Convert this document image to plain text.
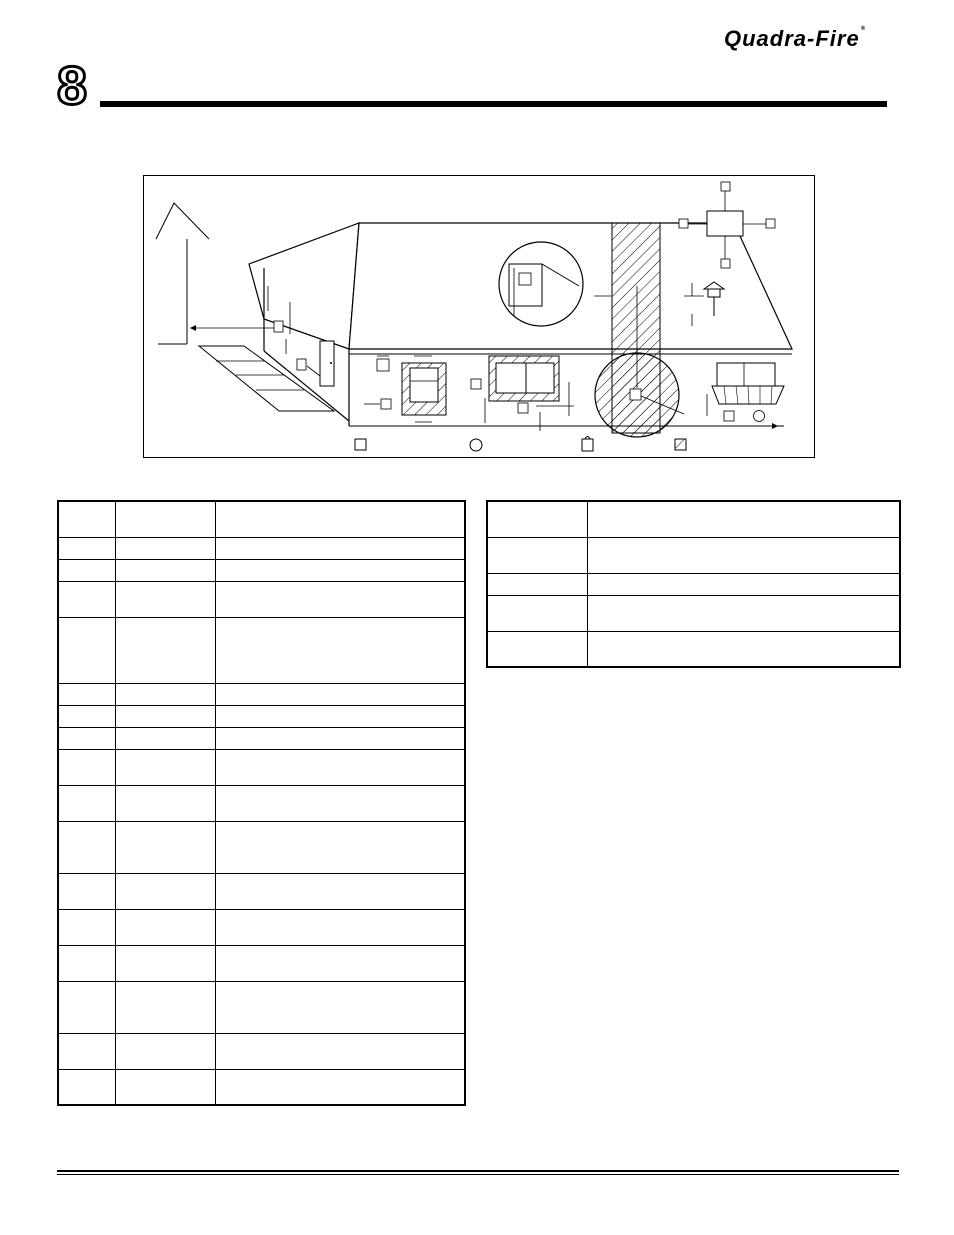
Quadra-Fire®
8
